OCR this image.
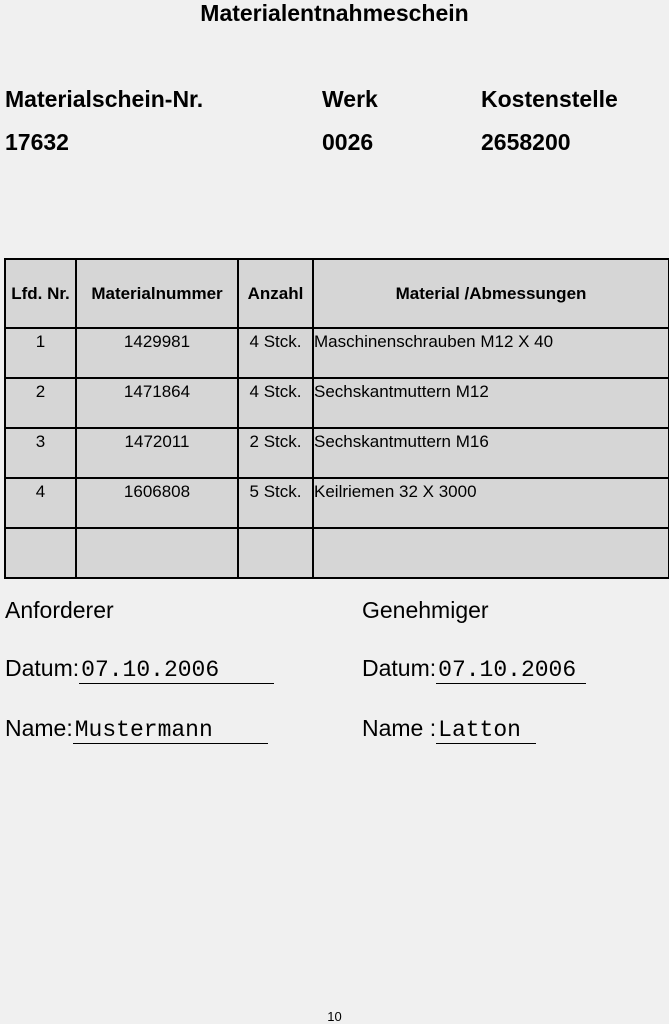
Materialentnahmeschein
Materialschein-Nr.	Werk	Kostenstelle
17632	0026	2658200
Lfd. Nr.	Materialnummer	Anzahl	Material /Abmessungen
1	1429981	4 Stck.	Maschinenschrauben M12 X 40
2	1471864	4 Stck.	Sechskantmuttern M12
3	1472011	2 Stck.	Sechskantmuttern M16
4	1606808	5 Stck.	Keilriemen 32 X 3000

Anforderer
Datum:07.10.2006
Name:Mustermann
Genehmiger
Datum:07.10.2006
Name :Latton
10
